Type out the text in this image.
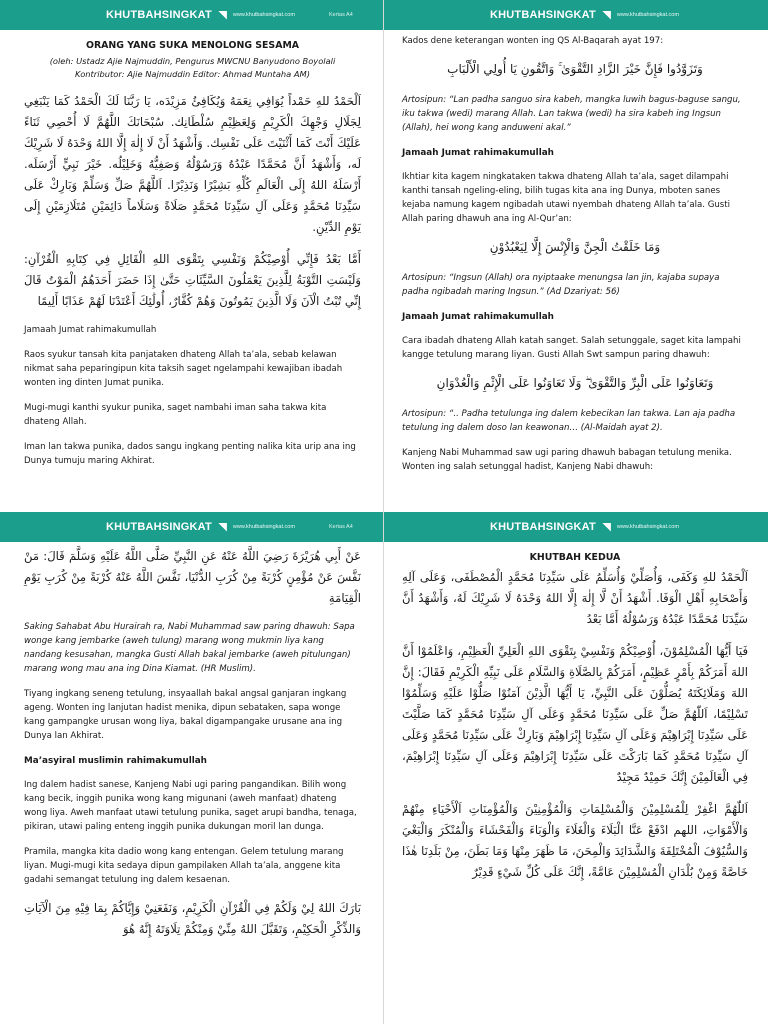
KHUTBAHSINGKAT	www.khutbahsingkat.com	Kertas A4
ORANG YANG SUKA MENOLONG SESAMA
(oleh: Ustadz Ajie Najmuddin, Pengurus MWCNU Banyudono Boyolali Kontributor: Ajie Najmuddin Editor: Ahmad Muntaha AM)

اَلْحَمْدُ للهِ حَمْداً يُوَافِي نِعَمَهُ وَيُكَافِئُ مَزِيْدَه، يَا رَبَّنَا لَكَ الْحَمْدُ كَمَا يَنْبَغِي لِجَلَالِ وَجْهِكَ الْكَرِيْمِ وَلِعَظِيْمِ سُلْطَانِك. سُبْحَانَكَ اللَّهُمَّ لَا أُحْصِي ثَنَاءً عَلَيْكَ أَنْتَ كَمَا أَثْنَيْتَ عَلَى نَفْسِك. وَأَشْهَدُ أَنْ لَا إِلٰهَ إِلَّا اللهُ وَحْدَهُ لَا شَرِيْكَ لَه، وَأَشْهَدُ أَنَّ مُحَمَّدًا عَبْدُهُ وَرَسُوْلُهُ وَصَفِيُّهُ وَخَلِيْلُه. خَيْرَ نَبِيٍّ أَرْسَلَه. أَرْسَلَهُ اللهُ إِلَى الْعَالَمِ كُلِّهِ بَشِيْرًا وَنَذِيْرًا. اَللَّهُمَّ صَلِّ وَسَلِّمْ وَبَارِكْ عَلَى سَيِّدِنَا مُحَمَّدٍ وَعَلَى آلِ سَيِّدِنَا مُحَمَّدٍ صَلَاةً وَسَلَاماً دَائِمَيْنِ مُتَلَازِمَيْنِ إِلَى يَوْمِ الدِّيْنِ.

أَمَّا بَعْدُ فَإِنِّي أُوْصِيْكُمْ وَنَفْسِي بِتَقْوَى اللهِ الْقَائِلِ فِي كِتَابِهِ الْقُرْآنِ: وَلَيْسَتِ التَّوْبَةُ لِلَّذِينَ يَعْمَلُونَ السَّيِّئَاتِ حَتَّىٰ إِذَا حَضَرَ أَحَدَهُمُ الْمَوْتُ قَالَ إِنِّي تُبْتُ الْآنَ وَلَا الَّذِينَ يَمُوتُونَ وَهُمْ كُفَّارٌ، أُولَٰئِكَ أَعْتَدْنَا لَهُمْ عَذَابًا أَلِيمًا

Jamaah Jumat rahimakumullah

Raos syukur tansah kita panjataken dhateng Allah ta’ala, sebab kelawan nikmat saha peparingipun kita taksih saget ngelampahi kewajiban ibadah wonten ing dinten Jumat punika.

Mugi-mugi kanthi syukur punika, saget nambahi iman saha takwa kita dhateng Allah.

Iman lan takwa punika, dados sangu ingkang penting nalika kita urip ana ing Dunya tumuju maring Akhirat.

KHUTBAHSINGKAT	www.khutbahsingkat.com

Kados dene keterangan wonten ing QS Al-Baqarah ayat 197:

وَتَزَوَّدُوا فَإِنَّ خَيْرَ الزَّادِ التَّقْوَىٰ ۚ وَاتَّقُونِ يَا أُولِي الْأَلْبَابِ

Artosipun: “Lan padha sanguo sira kabeh, mangka luwih bagus-baguse sangu, iku takwa (wedi) marang Allah. Lan takwa (wedi) ha sira kabeh ing Ingsun (Allah), hei wong kang anduweni akal.”

Jamaah Jumat rahimakumullah

Ikhtiar kita kagem ningkataken takwa dhateng Allah ta’ala, saget dilampahi kanthi tansah ngeling-eling, bilih tugas kita ana ing Dunya, mboten sanes kejaba namung kagem ngibadah utawi nyembah dhateng Allah ta’ala. Gusti Allah paring dhawuh ana ing Al-Qur’an:

وَمَا خَلَقْتُ الْجِنَّ وَالْإِنْسَ إِلَّا لِيَعْبُدُوْنِ

Artosipun: “Ingsun (Allah) ora nyiptaake menungsa lan jin, kajaba supaya padha ngibadah maring Ingsun.” (Ad Dzariyat: 56)

Jamaah Jumat rahimakumullah

Cara ibadah dhateng Allah katah sanget. Salah setunggale, saget kita lampahi kangge tetulung marang liyan. Gusti Allah Swt sampun paring dhawuh:

وَتَعَاوَنُوا عَلَى الْبِرِّ وَالتَّقْوَىٰ ۖ وَلَا تَعَاوَنُوا عَلَى الْإِثْمِ وَالْعُدْوَانِ

Artosipun: “.. Padha tetulunga ing dalem kebecikan lan takwa. Lan aja padha tetulung ing dalem doso lan keawonan… (Al-Maidah ayat 2).

Kanjeng Nabi Muhammad saw ugi paring dhawuh babagan tetulung menika. Wonten ing salah setunggal hadist, Kanjeng Nabi dhawuh:

KHUTBAHSINGKAT	www.khutbahsingkat.com	Kertas A4

عَنْ أَبِي هُرَيْرَةَ رَضِيَ اللَّهُ عَنْهُ عَنِ النَّبِيِّ صَلَّى اللَّهُ عَلَيْهِ وَسَلَّمَ قَالَ: مَنْ نَفَّسَ عَنْ مُؤْمِنٍ كُرْبَةً مِنْ كُرَبِ الدُّنْيَا، نَفَّسَ اللَّهُ عَنْهُ كُرْبَةً مِنْ كُرَبِ يَوْمِ الْقِيَامَةِ

Saking Sahabat Abu Hurairah ra, Nabi Muhammad saw paring dhawuh: Sapa wonge kang jembarke (aweh tulung) marang wong mukmin liya kang nandang kesusahan, mangka Gusti Allah bakal jembarke (aweh pitulungan) marang wong mau ana ing Dina Kiamat. (HR Muslim).

Tiyang ingkang seneng tetulung, insyaallah bakal angsal ganjaran ingkang ageng. Wonten ing lanjutan hadist menika, dipun sebataken, sapa wonge kang gampangke urusan wong liya, bakal digampangake urusane ana ing Dunya lan Akhirat.

Ma’asyiral muslimin rahimakumullah

Ing dalem hadist sanese, Kanjeng Nabi ugi paring pangandikan. Bilih wong kang becik, inggih punika wong kang migunani (aweh manfaat) dhateng wong liya. Aweh manfaat utawi tetulung punika, saget arupi bandha, tenaga, pikiran, utawi paling enteng inggih punika dukungan moril lan dunga.

Pramila, mangka kita dadio wong kang entengan. Gelem tetulung marang liyan. Mugi-mugi kita sedaya dipun gampilaken Allah ta’ala, anggene kita gadahi semangat tetulung ing dalem kesaenan.

بَارَكَ اللهُ لِيْ وَلَكُمْ فِي الْقُرْآنِ الْكَرِيْمِ، وَنَفَعَنِيْ وَإِيَّاكُمْ بِمَا فِيْهِ مِنَ الْآيَاتِ وَالذِّكْرِ الْحَكِيْمِ، وَتَقَبَّلَ اللهُ مِنِّيْ وَمِنْكُمْ تِلَاوَتَهُ إِنَّهُ هُوَ

KHUTBAHSINGKAT	www.khutbahsingkat.com
KHUTBAH KEDUA

اَلْحَمْدُ للهِ وَكَفَى، وَأُصَلِّيْ وَأُسَلِّمُ عَلَى سَيِّدِنَا مُحَمَّدٍ الْمُصْطَفَى، وَعَلَى آلِهِ وَأَصْحَابِهِ أَهْلِ الْوَفَا. أَشْهَدُ أَنْ لَّا إِلٰهَ إِلَّا اللهُ وَحْدَهُ لَا شَرِيْكَ لَهُ، وَأَشْهَدُ أَنَّ سَيِّدَنَا مُحَمَّدًا عَبْدُهُ وَرَسُوْلُهُ أَمَّا بَعْدُ

فَيَا أَيُّهَا الْمُسْلِمُوْنَ، أُوْصِيْكُمْ وَنَفْسِيْ بِتَقْوَى اللهِ الْعَلِيِّ الْعَظِيْمِ، وَاعْلَمُوْا أَنَّ اللهَ أَمَرَكُمْ بِأَمْرٍ عَظِيْمٍ، أَمَرَكُمْ بِالصَّلَاةِ وَالسَّلَامِ عَلَى نَبِيِّهِ الْكَرِيْمِ فَقَالَ: إِنَّ اللهَ وَمَلَائِكَتَهُ يُصَلُّوْنَ عَلَى النَّبِيِّ، يَا أَيُّهَا الَّذِيْنَ آمَنُوْا صَلُّوْا عَلَيْهِ وَسَلِّمُوْا تَسْلِيْمًا، اَللّٰهُمَّ صَلِّ عَلَى سَيِّدِنَا مُحَمَّدٍ وَعَلَى آلِ سَيِّدِنَا مُحَمَّدٍ كَمَا صَلَّيْتَ عَلَى سَيِّدِنَا إِبْرَاهِيْمَ وَعَلَى آلِ سَيِّدِنَا إِبْرَاهِيْمَ وَبَارِكْ عَلَى سَيِّدِنَا مُحَمَّدٍ وَعَلَى آلِ سَيِّدِنَا مُحَمَّدٍ كَمَا بَارَكْتَ عَلَى سَيِّدِنَا إِبْرَاهِيْمَ وَعَلَى آلِ سَيِّدِنَا إِبْرَاهِيْمَ، فِي الْعَالَمِيْنَ إِنَّكَ حَمِيْدٌ مَجِيْدٌ

اَللّٰهُمَّ اغْفِرْ لِلْمُسْلِمِيْنَ وَالْمُسْلِمَاتِ وَالْمُؤْمِنِيْنَ وَالْمُؤْمِنَاتِ اَلْأَحْيَاءِ مِنْهُمْ وَالْأَمْوَاتِ، اللهم ادْفَعْ عَنَّا الْبَلَاءَ وَالْغَلَاءَ وَالْوَبَاءَ وَالْفَحْشَاءَ وَالْمُنْكَرَ وَالْبَغْيَ وَالسُّيُوْفَ الْمُخْتَلِفَةَ وَالشَّدَائِدَ وَالْمِحَنَ، مَا ظَهَرَ مِنْهَا وَمَا بَطَنَ، مِنْ بَلَدِنَا هٰذَا خَاصَّةً وَمِنْ بُلْدَانِ الْمُسْلِمِيْنَ عَامَّةً، إِنَّكَ عَلَى كُلِّ شَيْءٍ قَدِيْرٌ
